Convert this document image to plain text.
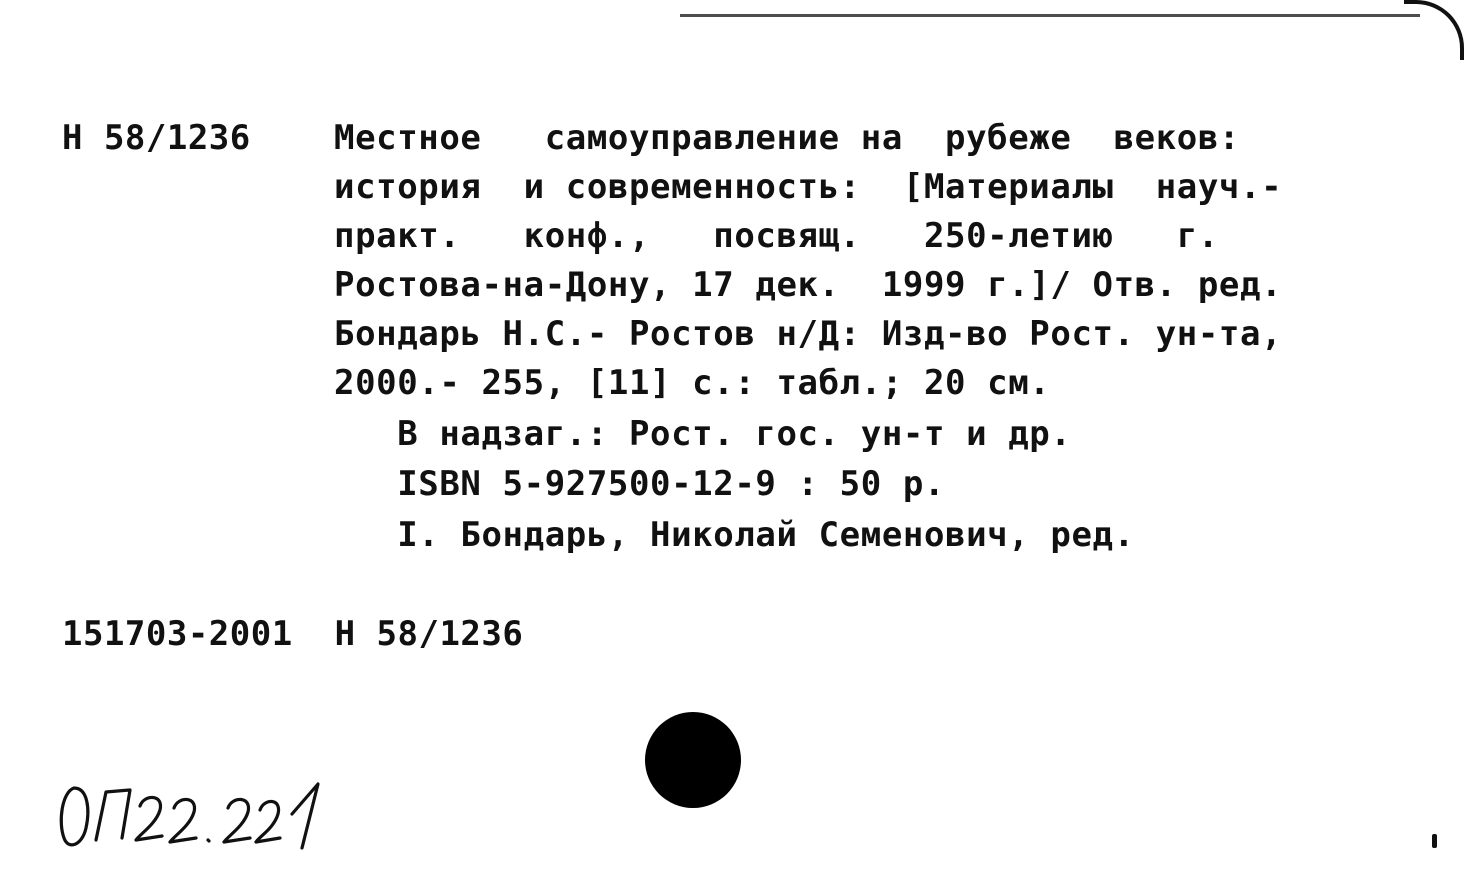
Н 58/1236 Местное   самоуправление на  рубеже  веков:
история  и современность:  [Материалы  науч.-
практ.   конф.,   посвящ.   250-летию   г.
Ростова-на-Дону, 17 дек.  1999 г.]/ Отв. ред.
Бондарь Н.С.- Ростов н/Д: Изд-во Рост. ун-та,
2000.- 255, [11] с.: табл.; 20 см.
В надзаг.: Рост. гос. ун-т и др.
ISBN 5-927500-12-9 : 50 р.
I. Бондарь, Николай Семенович, ред.
151703-2001  Н 58/1236
